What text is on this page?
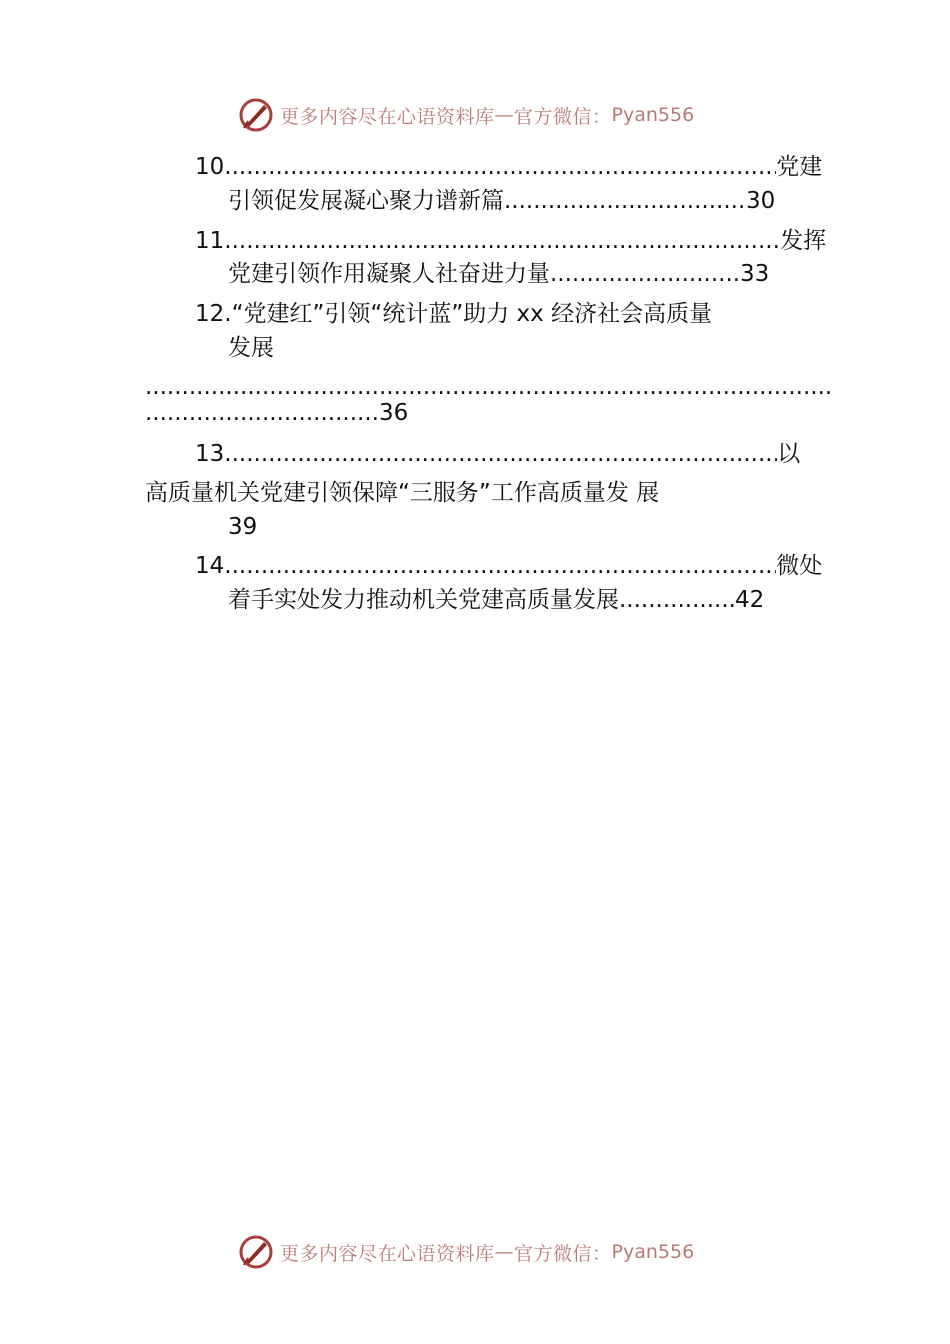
更多内容尽在心语资料库 — 官方微信： Pyan556
10 .....	党建
引领促发展凝心聚力谱新篇 .....	30
11 .....	发挥
党建引领作用凝聚人社奋进力量 .....	33
12.“党建红”引领“统计蓝”助力 xx 经济社会高质量
发展
.....
.....36
13 .....	以
高质量机关党建引领保障“三服务”工作高质量发 展
39
14 .....	微处
着手实处发力推动机关党建高质量发展 .....	42
更多内容尽在心语资料库 — 官方微信： Pyan556
